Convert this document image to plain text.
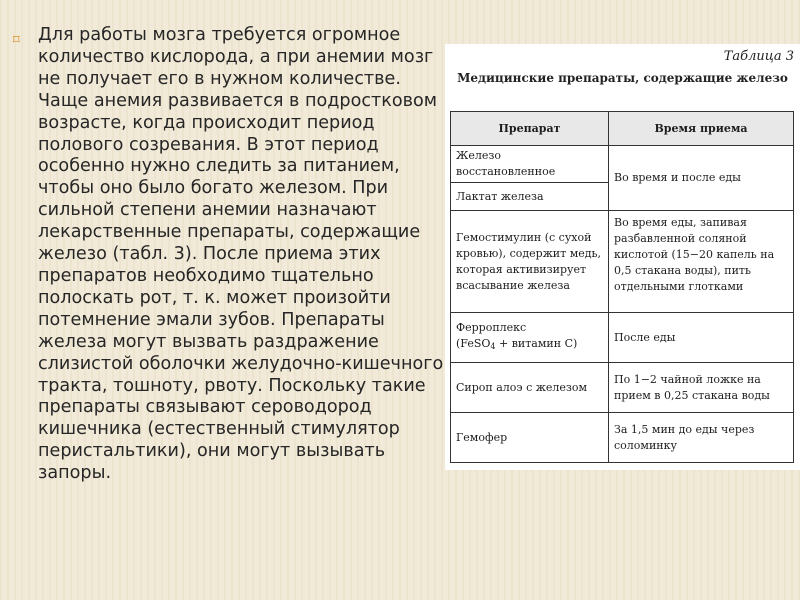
⌑ Для работы мозга требуется огромное количество кислорода, а при анемии мозг не получает его в нужном количестве. Чаще анемия развивается в подростковом возрасте, когда происходит период полового созревания. В этот период особенно нужно следить за питанием, чтобы оно было богато железом. При сильной степени анемии назначают лекарственные препараты, содержащие железо (табл. 3). После приема этих препаратов необходимо тщательно полоскать рот, т. к. может произойти потемнение эмали зубов. Препараты железа могут вызвать раздражение слизистой оболочки желудочно-кишечного тракта, тошноту, рвоту. Поскольку такие препараты связывают сероводород кишечника (естественный стимулятор перистальтики), они могут вызывать запоры.

Таблица 3
Медицинские препараты, содержащие железо
Препарат	Время приема
Железо восстановленное	Во время и после еды
Лактат железа	
Гемостимулин (с сухой кровью), содержит медь, которая активизирует всасывание железа	Во время еды, запивая разбавленной соляной кислотой (15−20 капель на 0,5 стакана воды), пить отдельными глотками
Ферроплекс
(FeSO$_4$ + витамин С)	После еды
Сироп алоэ с железом	По 1−2 чайной ложке на прием в 0,25 стакана воды
Гемофер	За 1,5 мин до еды через соломинку
